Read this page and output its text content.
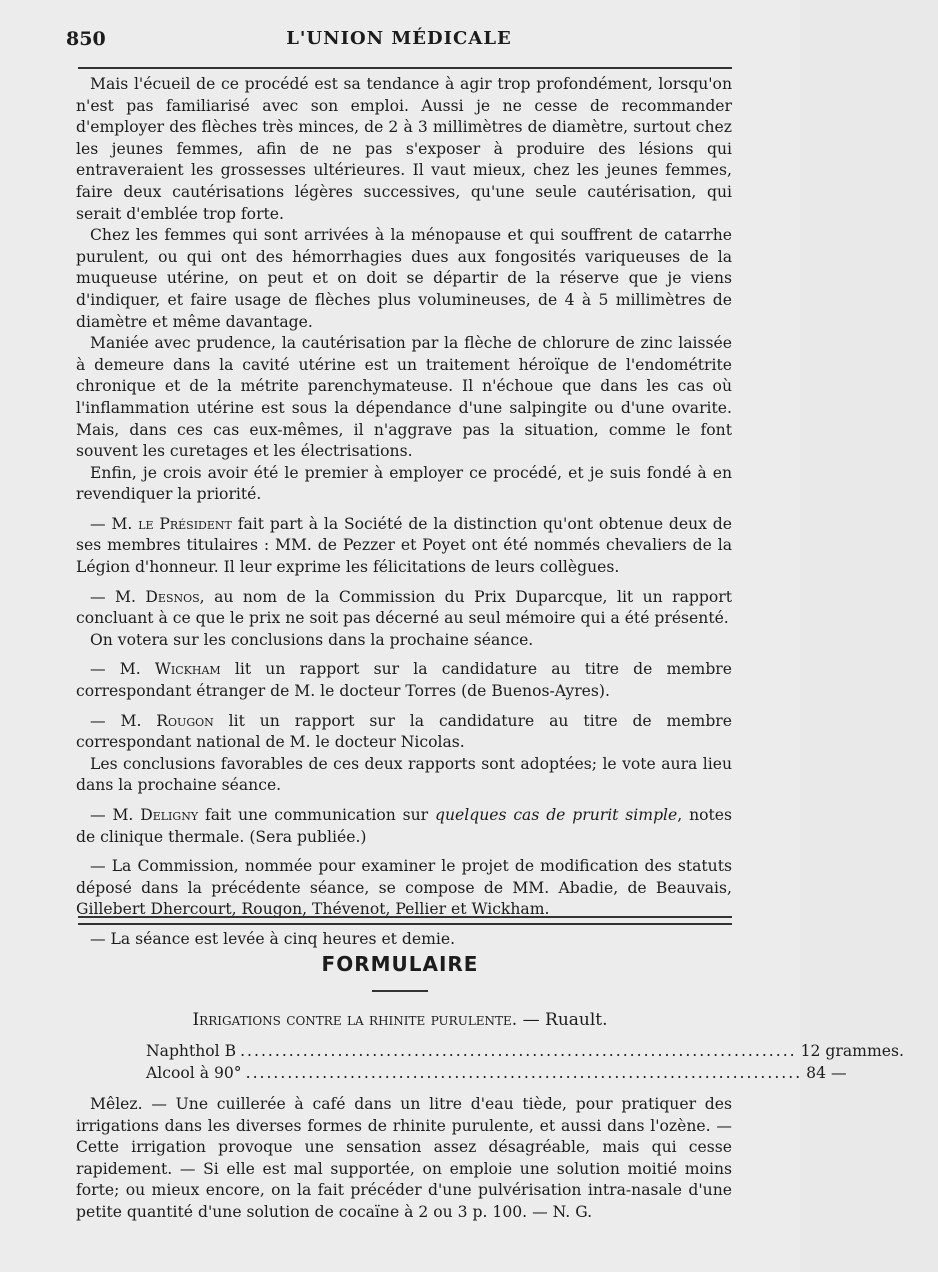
L'UNION MÉDICALE
850

Mais l'écueil de ce procédé est sa tendance à agir trop profondément, lorsqu'on n'est pas familiarisé avec son emploi. Aussi je ne cesse de recommander d'employer des flèches très minces, de 2 à 3 millimètres de diamètre, surtout chez les jeunes femmes, afin de ne pas s'exposer à produire des lésions qui entraveraient les grossesses ultérieures. Il vaut mieux, chez les jeunes femmes, faire deux cautérisations légères successives, qu'une seule cautérisation, qui serait d'emblée trop forte.

Chez les femmes qui sont arrivées à la ménopause et qui souffrent de catarrhe purulent, ou qui ont des hémorrhagies dues aux fongosités variqueuses de la muqueuse utérine, on peut et on doit se départir de la réserve que je viens d'indiquer, et faire usage de flèches plus volumineuses, de 4 à 5 millimètres de diamètre et même davantage.

Maniée avec prudence, la cautérisation par la flèche de chlorure de zinc laissée à demeure dans la cavité utérine est un traitement héroïque de l'endométrite chronique et de la métrite parenchymateuse. Il n'échoue que dans les cas où l'inflammation utérine est sous la dépendance d'une salpingite ou d'une ovarite. Mais, dans ces cas eux-mêmes, il n'aggrave pas la situation, comme le font souvent les curetages et les électrisations.

Enfin, je crois avoir été le premier à employer ce procédé, et je suis fondé à en revendiquer la priorité.

— M. le Président fait part à la Société de la distinction qu'ont obtenue deux de ses membres titulaires : MM. de Pezzer et Poyet ont été nommés chevaliers de la Légion d'honneur. Il leur exprime les félicitations de leurs collègues.

— M. Desnos, au nom de la Commission du Prix Duparcque, lit un rapport concluant à ce que le prix ne soit pas décerné au seul mémoire qui a été présenté.

On votera sur les conclusions dans la prochaine séance.

— M. Wickham lit un rapport sur la candidature au titre de membre correspondant étranger de M. le docteur Torres (de Buenos-Ayres).

— M. Rougon lit un rapport sur la candidature au titre de membre correspondant national de M. le docteur Nicolas.

Les conclusions favorables de ces deux rapports sont adoptées; le vote aura lieu dans la prochaine séance.

— M. Deligny fait une communication sur quelques cas de prurit simple, notes de clinique thermale. (Sera publiée.)

— La Commission, nommée pour examiner le projet de modification des statuts déposé dans la précédente séance, se compose de MM. Abadie, de Beauvais, Gillebert Dhercourt, Rougon, Thévenot, Pellier et Wickham.

— La séance est levée à cinq heures et demie.

FORMULAIRE
Irrigations contre la rhinite purulente. — Ruault.
Naphthol B ................................................................................ 12 grammes.
Alcool à 90° ................................................................................ 84 —

Mêlez. — Une cuillerée à café dans un litre d'eau tiède, pour pratiquer des irrigations dans les diverses formes de rhinite purulente, et aussi dans l'ozène. — Cette irrigation provoque une sensation assez désagréable, mais qui cesse rapidement. — Si elle est mal supportée, on emploie une solution moitié moins forte; ou mieux encore, on la fait précéder d'une pulvérisation intra-nasale d'une petite quantité d'une solution de cocaïne à 2 ou 3 p. 100. — N. G.
